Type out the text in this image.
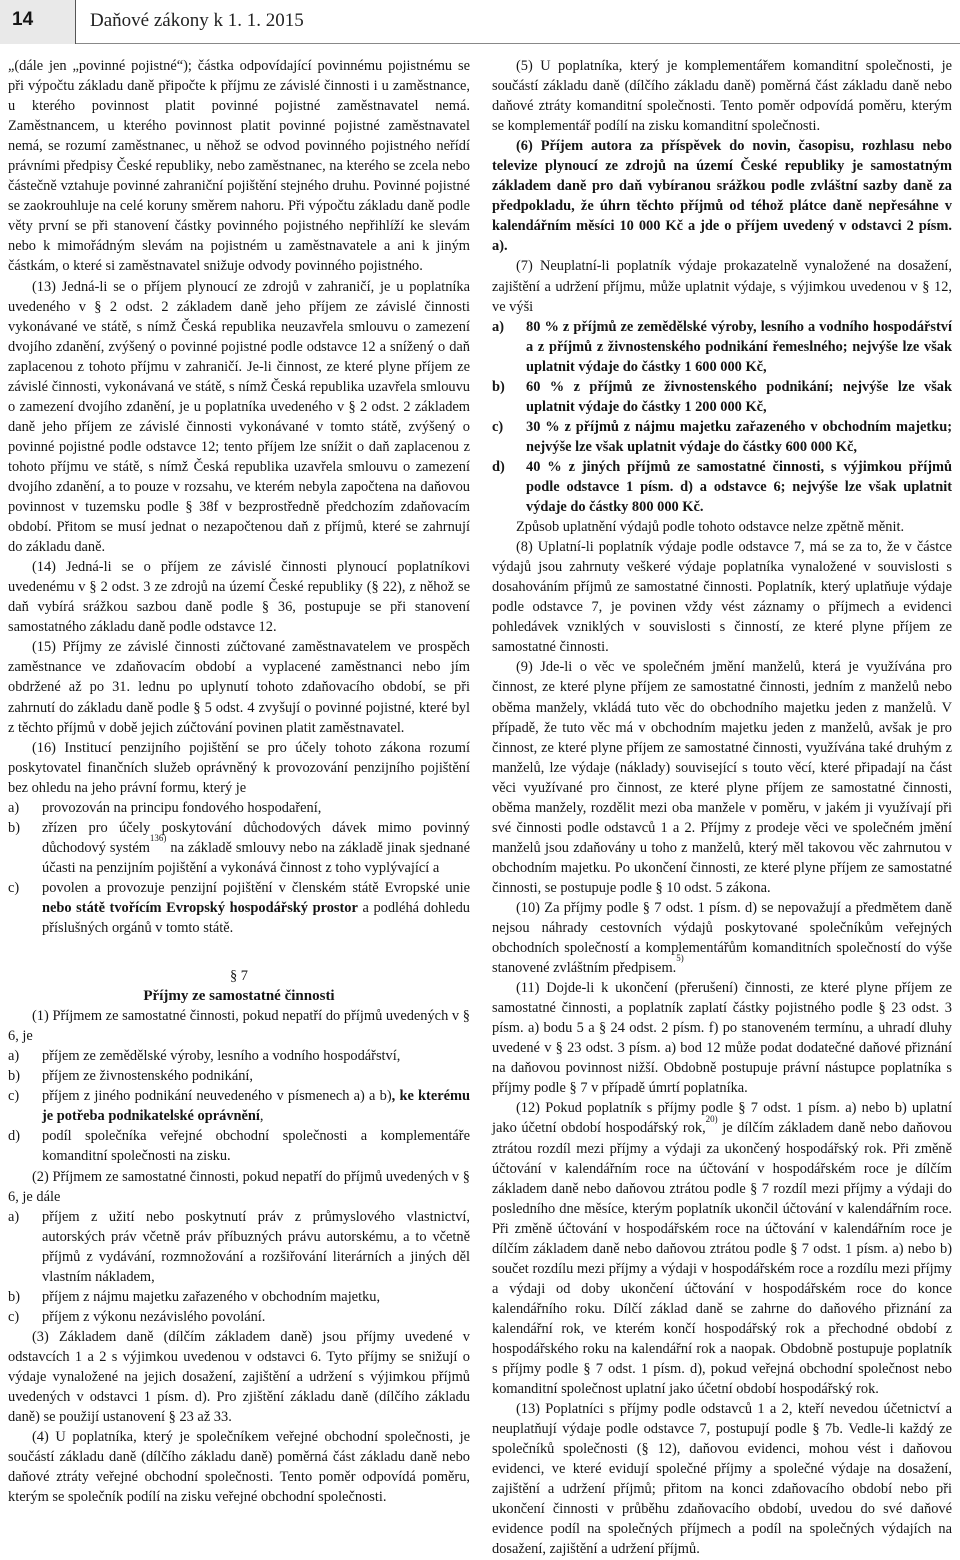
14	Daňové zákony k 1. 1. 2015

„(dále jen „povinné pojistné“); částka odpovídající povinnému pojistnému se při výpočtu základu daně připočte k příjmu ze závislé činnosti i u zaměstnance, u kterého povinnost platit povinné pojistné zaměstnavatel nemá. Zaměstnancem, u kterého povinnost platit povinné pojistné zaměstnavatel nemá, se rozumí zaměstnanec, u něhož se odvod povinného pojistného neřídí právními předpisy České republiky, nebo zaměstnanec, na kterého se zcela nebo částečně vztahuje povinné zahraniční pojištění stejného druhu. Povinné pojistné se zaokrouhluje na celé koruny směrem nahoru. Při výpočtu základu daně podle věty první se při stanovení částky povinného pojistného nepřihlíží ke slevám nebo k mimořádným slevám na pojistném u zaměstnavatele a ani k jiným částkám, o které si zaměstnavatel snižuje odvody povinného pojistného.

(13) Jedná-li se o příjem plynoucí ze zdrojů v zahraničí, je u poplatníka uvedeného v § 2 odst. 2 základem daně jeho příjem ze závislé činnosti vykonávané ve státě, s nímž Česká republika neuzavřela smlouvu o zamezení dvojího zdanění, zvýšený o povinné pojistné podle odstavce 12 a snížený o daň zaplacenou z tohoto příjmu v zahraničí. Je-li činnost, ze které plyne příjem ze závislé činnosti, vykonávaná ve státě, s nímž Česká republika uzavřela smlouvu o zamezení dvojího zdanění, je u poplatníka uvedeného v § 2 odst. 2 základem daně jeho příjem ze závislé činnosti vykonávané v tomto státě, zvýšený o povinné pojistné podle odstavce 12; tento příjem lze snížit o daň zaplacenou z tohoto příjmu ve státě, s nímž Česká republika uzavřela smlouvu o zamezení dvojího zdanění, a to pouze v rozsahu, ve kterém nebyla započtena na daňovou povinnost v tuzemsku podle § 38f v bezprostředně předchozím zdaňovacím období. Přitom se musí jednat o nezapočtenou daň z příjmů, které se zahrnují do základu daně.

(14) Jedná-li se o příjem ze závislé činnosti plynoucí poplatníkovi uvedenému v § 2 odst. 3 ze zdrojů na území České republiky (§ 22), z něhož se daň vybírá srážkou sazbou daně podle § 36, postupuje se při stanovení samostatného základu daně podle odstavce 12.

(15) Příjmy ze závislé činnosti zúčtované zaměstnavatelem ve prospěch zaměstnance ve zdaňovacím období a vyplacené zaměstnanci nebo jím obdržené až po 31. lednu po uplynutí tohoto zdaňovacího období, se při zahrnutí do základu daně podle § 5 odst. 4 zvyšují o povinné pojistné, které byl z těchto příjmů v době jejich zúčtování povinen platit zaměstnavatel.

(16) Institucí penzijního pojištění se pro účely tohoto zákona rozumí poskytovatel finančních služeb oprávněný k provozování penzijního pojištění bez ohledu na jeho právní formu, který je

a)	provozován na principu fondového hospodaření,
b)	zřízen pro účely poskytování důchodových dávek mimo povinný důchodový systém$^{136)}$ na základě smlouvy nebo na základě jinak sjednané účasti na penzijním pojištění a vykonává činnost z toho vyplývající a
c)	povolen a provozuje penzijní pojištění v členském státě Evropské unie nebo státě tvořícím Evropský hospodářský prostor a podléhá dohledu příslušných orgánů v tomto státě.
§ 7
Příjmy ze samostatné činnosti

(1) Příjmem ze samostatné činnosti, pokud nepatří do příjmů uvedených v § 6, je

a)	příjem ze zemědělské výroby, lesního a vodního hospodářství,
b)	příjem ze živnostenského podnikání,
c)	příjem z jiného podnikání neuvedeného v písmenech a) a b), ke kterému je potřeba podnikatelské oprávnění,
d)	podíl společníka veřejné obchodní společnosti a komplementáře komanditní společnosti na zisku.

(2) Příjmem ze samostatné činnosti, pokud nepatří do příjmů uvedených v § 6, je dále

a)	příjem z užití nebo poskytnutí práv z průmyslového vlastnictví, autorských práv včetně práv příbuzných právu autorskému, a to včetně příjmů z vydávání, rozmnožování a rozšiřování literárních a jiných děl vlastním nákladem,
b)	příjem z nájmu majetku zařazeného v obchodním majetku,
c)	příjem z výkonu nezávislého povolání.

(3) Základem daně (dílčím základem daně) jsou příjmy uvedené v odstavcích 1 a 2 s výjimkou uvedenou v odstavci 6. Tyto příjmy se snižují o výdaje vynaložené na jejich dosažení, zajištění a udržení s výjimkou příjmů uvedených v odstavci 1 písm. d). Pro zjištění základu daně (dílčího základu daně) se použijí ustanovení § 23 až 33.

(4) U poplatníka, který je společníkem veřejné obchodní společnosti, je součástí základu daně (dílčího základu daně) poměrná část základu daně nebo daňové ztráty veřejné obchodní společnosti. Tento poměr odpovídá poměru, kterým se společník podílí na zisku veřejné obchodní společnosti.

(5) U poplatníka, který je komplementářem komanditní společnosti, je součástí základu daně (dílčího základu daně) poměrná část základu daně nebo daňové ztráty komanditní společnosti. Tento poměr odpovídá poměru, kterým se komplementář podílí na zisku komanditní společnosti.

(6) Příjem autora za příspěvek do novin, časopisu, rozhlasu nebo televize plynoucí ze zdrojů na území České republiky je samostatným základem daně pro daň vybíranou srážkou podle zvláštní sazby daně za předpokladu, že úhrn těchto příjmů od téhož plátce daně nepřesáhne v kalendářním měsíci 10 000 Kč a jde o příjem uvedený v odstavci 2 písm. a).

(7) Neuplatní-li poplatník výdaje prokazatelně vynaložené na dosažení, zajištění a udržení příjmu, může uplatnit výdaje, s výjimkou uvedenou v § 12, ve výši

a)	80 % z příjmů ze zemědělské výroby, lesního a vodního hospodářství a z příjmů z živnostenského podnikání řemeslného; nejvýše lze však uplatnit výdaje do částky 1 600 000 Kč,
b)	60 % z příjmů ze živnostenského podnikání; nejvýše lze však uplatnit výdaje do částky 1 200 000 Kč,
c)	30 % z příjmů z nájmu majetku zařazeného v obchodním majetku; nejvýše lze však uplatnit výdaje do částky 600 000 Kč,
d)	40 % z jiných příjmů ze samostatné činnosti, s výjimkou příjmů podle odstavce 1 písm. d) a odstavce 6; nejvýše lze však uplatnit výdaje do částky 800 000 Kč.

Způsob uplatnění výdajů podle tohoto odstavce nelze zpětně měnit.

(8) Uplatní-li poplatník výdaje podle odstavce 7, má se za to, že v částce výdajů jsou zahrnuty veškeré výdaje poplatníka vynaložené v souvislosti s dosahováním příjmů ze samostatné činnosti. Poplatník, který uplatňuje výdaje podle odstavce 7, je povinen vždy vést záznamy o příjmech a evidenci pohledávek vzniklých v souvislosti s činností, ze které plyne příjem ze samostatné činnosti.

(9) Jde-li o věc ve společném jmění manželů, která je využívána pro činnost, ze které plyne příjem ze samostatné činnosti, jedním z manželů nebo oběma manžely, vkládá tuto věc do obchodního majetku jeden z manželů. V případě, že tuto věc má v obchodním majetku jeden z manželů, avšak je pro činnost, ze které plyne příjem ze samostatné činnosti, využívána také druhým z manželů, lze výdaje (náklady) související s touto věcí, které připadají na část věci využívané pro činnost, ze které plyne příjem ze samostatné činnosti, oběma manžely, rozdělit mezi oba manžele v poměru, v jakém ji využívají při své činnosti podle odstavců 1 a 2. Příjmy z prodeje věci ve společném jmění manželů jsou zdaňovány u toho z manželů, který měl takovou věc zahrnutou v obchodním majetku. Po ukončení činnosti, ze které plyne příjem ze samostatné činnosti, se postupuje podle § 10 odst. 5 zákona.

(10) Za příjmy podle § 7 odst. 1 písm. d) se nepovažují a předmětem daně nejsou náhrady cestovních výdajů poskytované společníkům veřejných obchodních společností a komplementářům komanditních společností do výše stanovené zvláštním předpisem.$^{5)}$

(11) Dojde-li k ukončení (přerušení) činnosti, ze které plyne příjem ze samostatné činnosti, a poplatník zaplatí částky pojistného podle § 23 odst. 3 písm. a) bodu 5 a § 24 odst. 2 písm. f) po stanoveném termínu, a uhradí dluhy uvedené v § 23 odst. 3 písm. a) bod 12 může podat dodatečné daňové přiznání na daňovou povinnost nižší. Obdobně postupuje právní nástupce poplatníka s příjmy podle § 7 v případě úmrtí poplatníka.

(12) Pokud poplatník s příjmy podle § 7 odst. 1 písm. a) nebo b) uplatní jako účetní období hospodářský rok,$^{20)}$ je dílčím základem daně nebo daňovou ztrátou rozdíl mezi příjmy a výdaji za ukončený hospodářský rok. Při změně účtování v kalendářním roce na účtování v hospodářském roce je dílčím základem daně nebo daňovou ztrátou podle § 7 rozdíl mezi příjmy a výdaji do posledního dne měsíce, kterým poplatník ukončil účtování v kalendářním roce. Při změně účtování v hospodářském roce na účtování v kalendářním roce je dílčím základem daně nebo daňovou ztrátou podle § 7 odst. 1 písm. a) nebo b) součet rozdílu mezi příjmy a výdaji v hospodářském roce a rozdílu mezi příjmy a výdaji od doby ukončení účtování v hospodářském roce do konce kalendářního roku. Dílčí základ daně se zahrne do daňového přiznání za kalendářní rok, ve kterém končí hospodářský rok a přechodné období z hospodářského roku na kalendářní rok a naopak. Obdobně postupuje poplatník s příjmy podle § 7 odst. 1 písm. d), pokud veřejná obchodní společnost nebo komanditní společnost uplatní jako účetní období hospodářský rok.

(13) Poplatníci s příjmy podle odstavců 1 a 2, kteří nevedou účetnictví a neuplatňují výdaje podle odstavce 7, postupují podle § 7b. Vedle-li každý ze společníků společnosti (§ 12), daňovou evidenci, mohou vést i daňovou evidenci, ve které evidují společné příjmy a společné výdaje na dosažení, zajištění a udržení příjmů; přitom na konci zdaňovacího období nebo při ukončení činnosti v průběhu zdaňovacího období, uvedou do své daňové evidence podíl na společných příjmech a podíl na společných výdajích na dosažení, zajištění a udržení příjmů.
